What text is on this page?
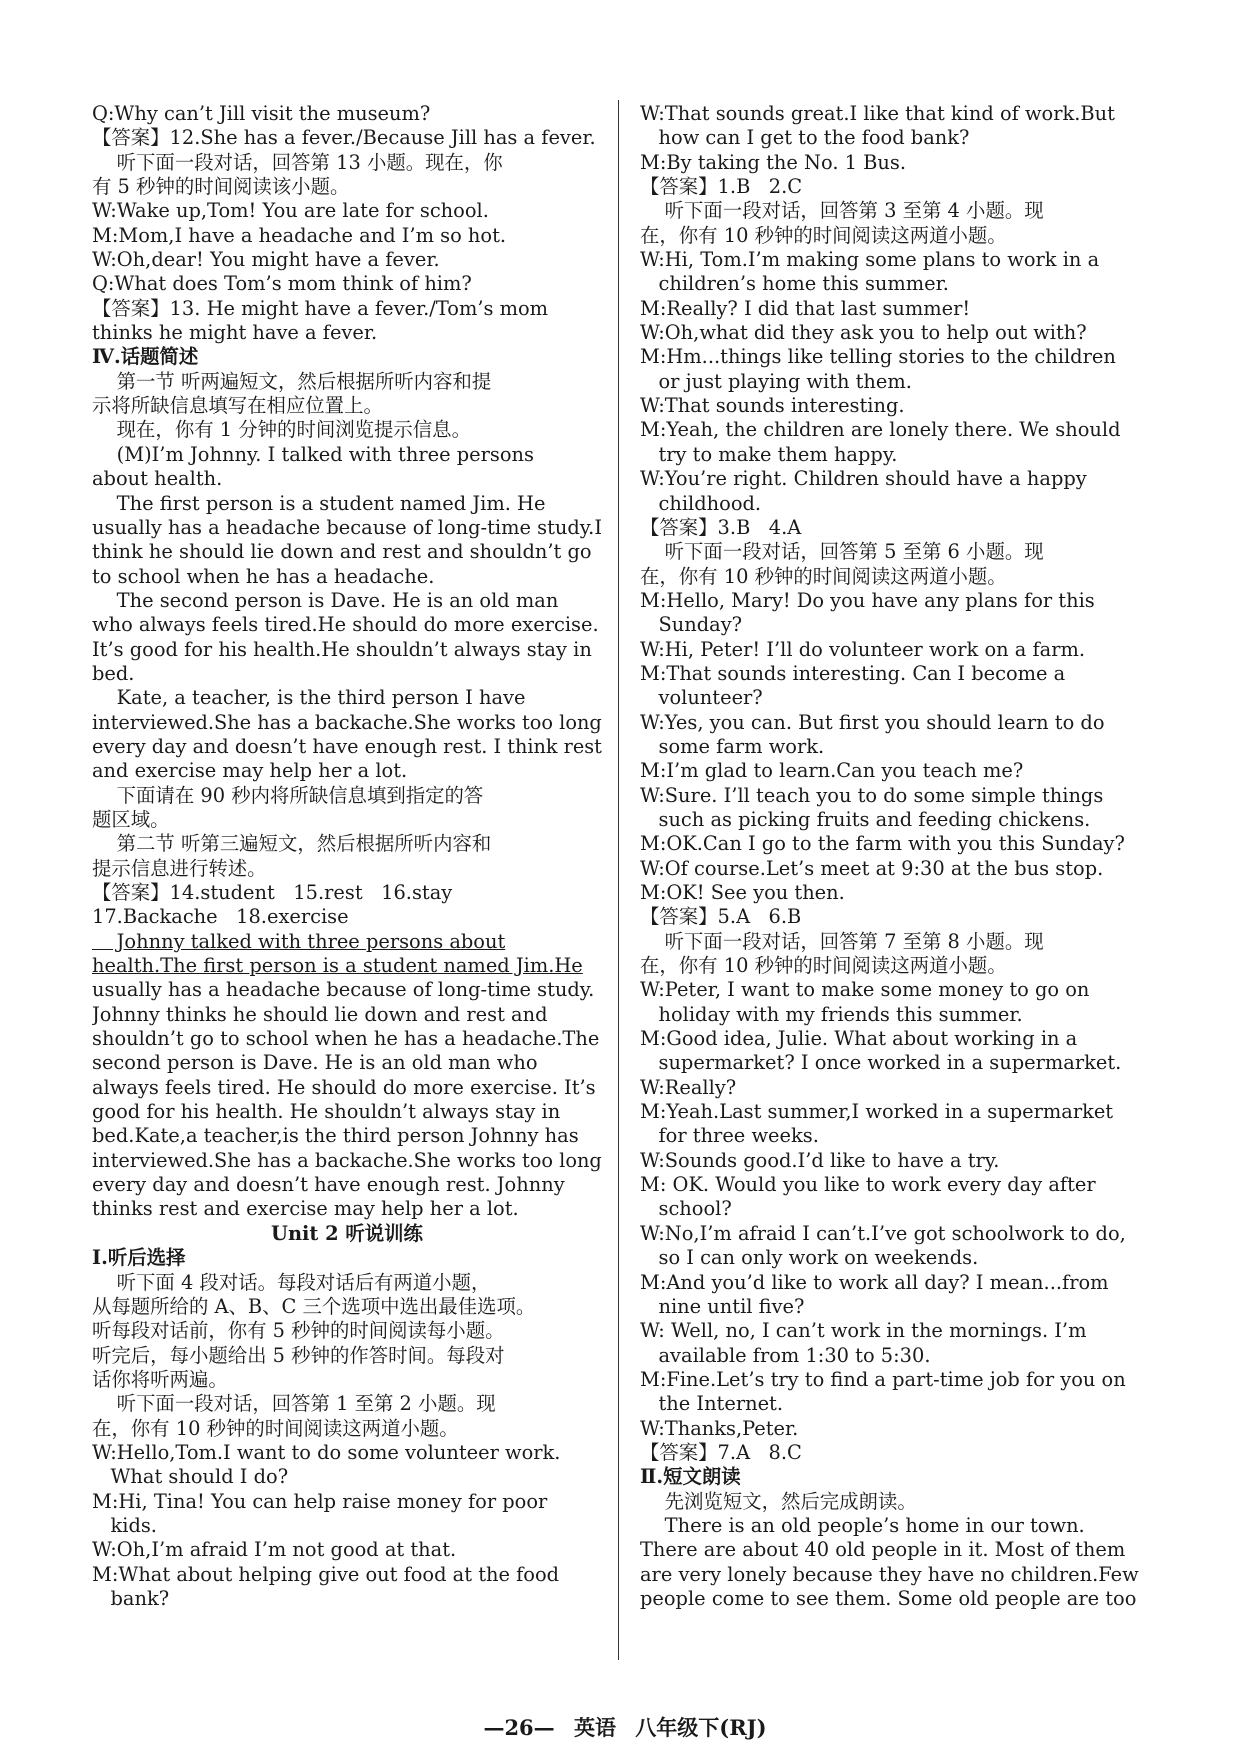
Q:Why can’t Jill visit the museum?
【答案】12.She has a fever./Because Jill has a fever.
听下面一段对话，回答第 13 小题。现在，你
有 5 秒钟的时间阅读该小题。
W:Wake up,Tom! You are late for school.
M:Mom,I have a headache and I’m so hot.
W:Oh,dear! You might have a fever.
Q:What does Tom’s mom think of him?
【答案】13. He might have a fever./Tom’s mom
thinks he might have a fever.
Ⅳ.话题简述
第一节 听两遍短文，然后根据所听内容和提
示将所缺信息填写在相应位置上。
现在，你有 1 分钟的时间浏览提示信息。
(M)I’m Johnny. I talked with three persons
about health.
The first person is a student named Jim. He
usually has a headache because of long-time study.I
think he should lie down and rest and shouldn’t go
to school when he has a headache.
The second person is Dave. He is an old man
who always feels tired.He should do more exercise.
It’s good for his health.He shouldn’t always stay in
bed.
Kate, a teacher, is the third person I have
interviewed.She has a backache.She works too long
every day and doesn’t have enough rest. I think rest
and exercise may help her a lot.
下面请在 90 秒内将所缺信息填到指定的答
题区域。
第二节 听第三遍短文，然后根据所听内容和
提示信息进行转述。
【答案】14.student   15.rest   16.stay
17.Backache   18.exercise
Johnny talked with three persons about
health.The first person is a student named Jim.He
usually has a headache because of long-time study.
Johnny thinks he should lie down and rest and
shouldn’t go to school when he has a headache.The
second person is Dave. He is an old man who
always feels tired. He should do more exercise. It’s
good for his health. He shouldn’t always stay in
bed.Kate,a teacher,is the third person Johnny has
interviewed.She has a backache.She works too long
every day and doesn’t have enough rest. Johnny
thinks rest and exercise may help her a lot.
Unit 2 听说训练
Ⅰ.听后选择
听下面 4 段对话。每段对话后有两道小题，
从每题所给的 A、B、C 三个选项中选出最佳选项。
听每段对话前，你有 5 秒钟的时间阅读每小题。
听完后，每小题给出 5 秒钟的作答时间。每段对
话你将听两遍。
听下面一段对话，回答第 1 至第 2 小题。现
在，你有 10 秒钟的时间阅读这两道小题。
W:Hello,Tom.I want to do some volunteer work.
What should I do?
M:Hi, Tina! You can help raise money for poor
kids.
W:Oh,I’m afraid I’m not good at that.
M:What about helping give out food at the food
bank?
W:That sounds great.I like that kind of work.But
how can I get to the food bank?
M:By taking the No. 1 Bus.
【答案】1.B   2.C
听下面一段对话，回答第 3 至第 4 小题。现
在，你有 10 秒钟的时间阅读这两道小题。
W:Hi, Tom.I’m making some plans to work in a
children’s home this summer.
M:Really? I did that last summer!
W:Oh,what did they ask you to help out with?
M:Hm...things like telling stories to the children
or just playing with them.
W:That sounds interesting.
M:Yeah, the children are lonely there. We should
try to make them happy.
W:You’re right. Children should have a happy
childhood.
【答案】3.B   4.A
听下面一段对话，回答第 5 至第 6 小题。现
在，你有 10 秒钟的时间阅读这两道小题。
M:Hello, Mary! Do you have any plans for this
Sunday?
W:Hi, Peter! I’ll do volunteer work on a farm.
M:That sounds interesting. Can I become a
volunteer?
W:Yes, you can. But first you should learn to do
some farm work.
M:I’m glad to learn.Can you teach me?
W:Sure. I’ll teach you to do some simple things
such as picking fruits and feeding chickens.
M:OK.Can I go to the farm with you this Sunday?
W:Of course.Let’s meet at 9:30 at the bus stop.
M:OK! See you then.
【答案】5.A   6.B
听下面一段对话，回答第 7 至第 8 小题。现
在，你有 10 秒钟的时间阅读这两道小题。
W:Peter, I want to make some money to go on
holiday with my friends this summer.
M:Good idea, Julie. What about working in a
supermarket? I once worked in a supermarket.
W:Really?
M:Yeah.Last summer,I worked in a supermarket
for three weeks.
W:Sounds good.I’d like to have a try.
M: OK. Would you like to work every day after
school?
W:No,I’m afraid I can’t.I’ve got schoolwork to do,
so I can only work on weekends.
M:And you’d like to work all day? I mean...from
nine until five?
W: Well, no, I can’t work in the mornings. I’m
available from 1:30 to 5:30.
M:Fine.Let’s try to find a part-time job for you on
the Internet.
W:Thanks,Peter.
【答案】7.A   8.C
Ⅱ.短文朗读
先浏览短文，然后完成朗读。
There is an old people’s home in our town.
There are about 40 old people in it. Most of them
are very lonely because they have no children.Few
people come to see them. Some old people are too
—26— 英语 八年级下(RJ)
